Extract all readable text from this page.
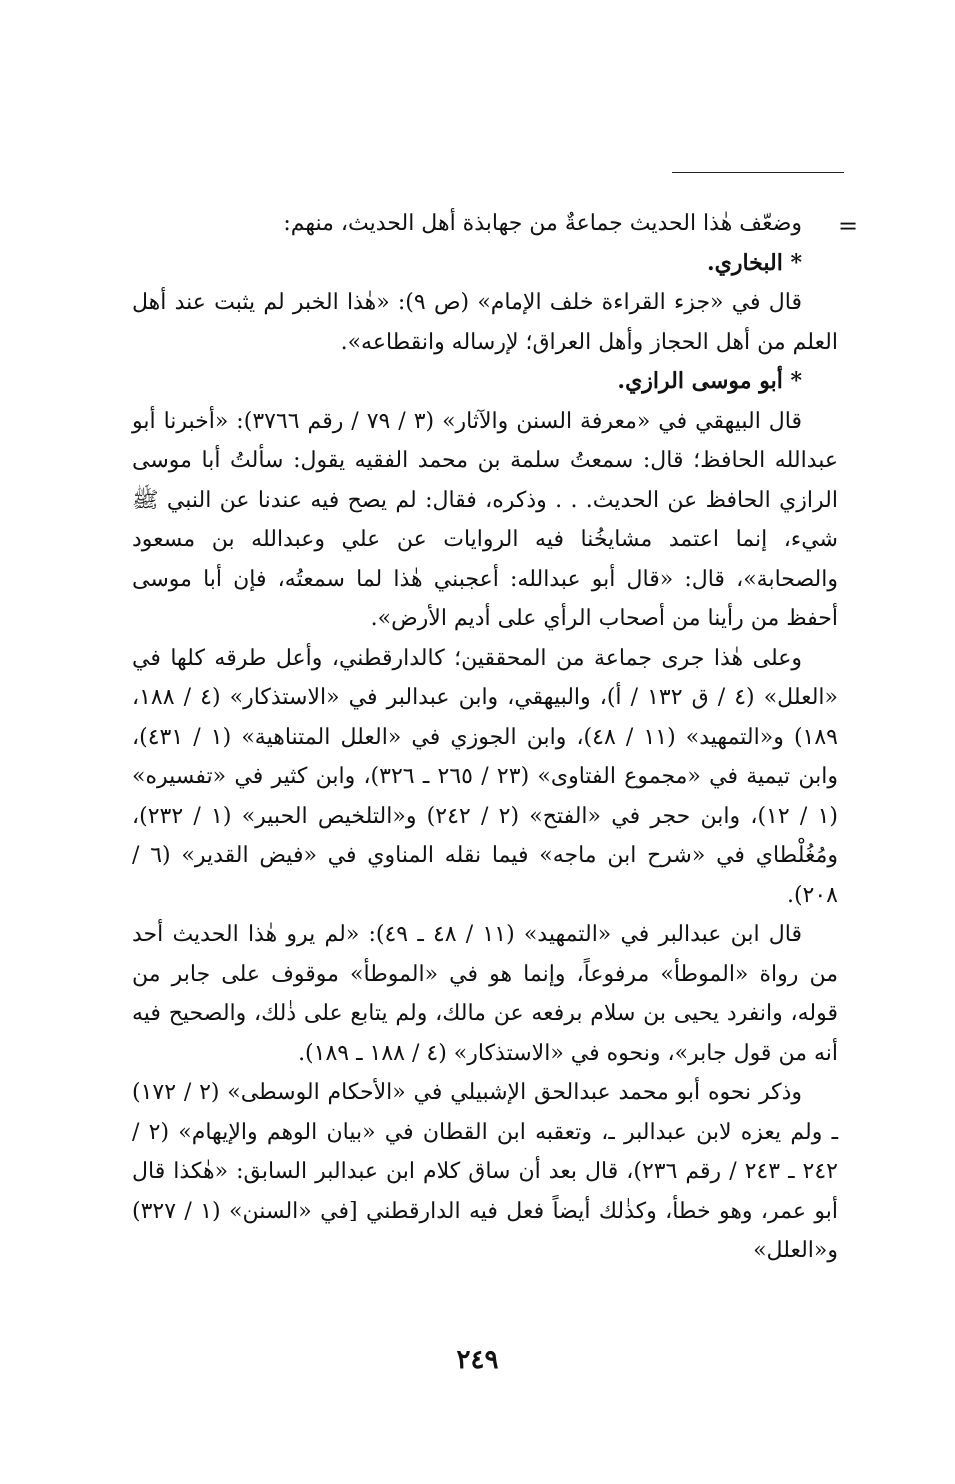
=

وضعّف هٰذا الحديث جماعةٌ من جهابذة أهل الحديث، منهم:

* البخاري.

قال في «جزء القراءة خلف الإمام» (ص ٩): «هٰذا الخبر لم يثبت عند أهل العلم من أهل الحجاز وأهل العراق؛ لإرساله وانقطاعه».

* أبو موسى الرازي.

قال البيهقي في «معرفة السنن والآثار» (٣ / ٧٩ / رقم ٣٧٦٦): «أخبرنا أبو عبدالله الحافظ؛ قال: سمعتُ سلمة بن محمد الفقيه يقول: سألتُ أبا موسى الرازي الحافظ عن الحديث. . . وذكره، فقال: لم يصح فيه عندنا عن النبي ﷺ شيء، إنما اعتمد مشايخُنا فيه الروايات عن علي وعبدالله بن مسعود والصحابة»، قال: «قال أبو عبدالله: أعجبني هٰذا لما سمعتُه، فإن أبا موسى أحفظ من رأينا من أصحاب الرأي على أديم الأرض».

وعلى هٰذا جرى جماعة من المحققين؛ كالدارقطني، وأعل طرقه كلها في «العلل» (٤ / ق ١٣٢ / أ)، والبيهقي، وابن عبدالبر في «الاستذكار» (٤ / ١٨٨، ١٨٩) و«التمهيد» (١١ / ٤٨)، وابن الجوزي في «العلل المتناهية» (١ / ٤٣١)، وابن تيمية في «مجموع الفتاوى» (٢٣ / ٢٦٥ ـ ٣٢٦)، وابن كثير في «تفسيره» (١ / ١٢)، وابن حجر في «الفتح» (٢ / ٢٤٢) و«التلخيص الحبير» (١ / ٢٣٢)، ومُغُلْطاي في «شرح ابن ماجه» فيما نقله المناوي في «فيض القدير» (٦ / ٢٠٨).

قال ابن عبدالبر في «التمهيد» (١١ / ٤٨ ـ ٤٩): «لم يرو هٰذا الحديث أحد من رواة «الموطأ» مرفوعاً، وإنما هو في «الموطأ» موقوف على جابر من قوله، وانفرد يحيى بن سلام برفعه عن مالك، ولم يتابع على ذٰلك، والصحيح فيه أنه من قول جابر»، ونحوه في «الاستذكار» (٤ / ١٨٨ ـ ١٨٩).

وذكر نحوه أبو محمد عبدالحق الإشبيلي في «الأحكام الوسطى» (٢ / ١٧٢) ـ ولم يعزه لابن عبدالبر ـ، وتعقبه ابن القطان في «بيان الوهم والإيهام» (٢ / ٢٤٢ ـ ٢٤٣ / رقم ٢٣٦)، قال بعد أن ساق كلام ابن عبدالبر السابق: «هٰكذا قال أبو عمر، وهو خطأ، وكذٰلك أيضاً فعل فيه الدارقطني [في «السنن» (١ / ٣٢٧) و«العلل»

٢٤٩
